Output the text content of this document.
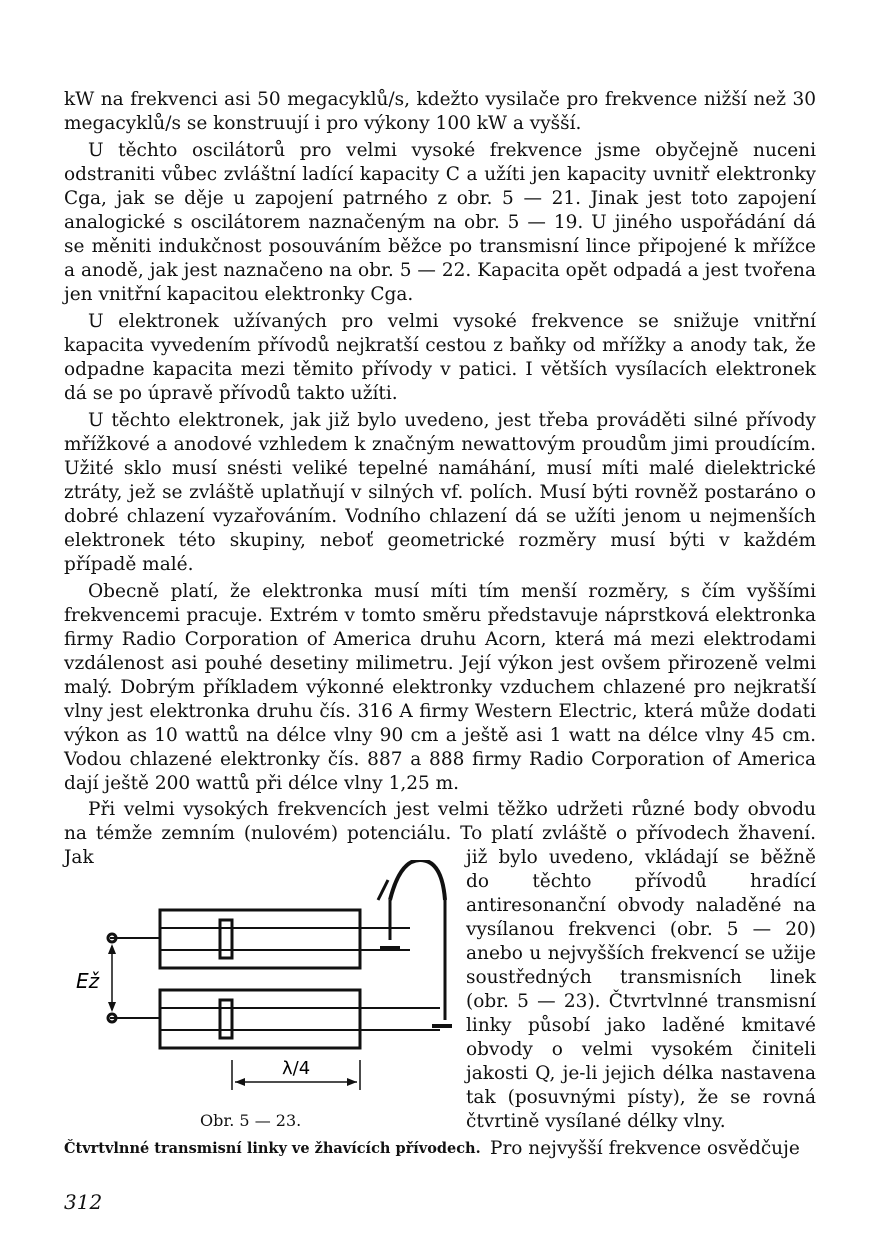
kW na frekvenci asi 50 megacyklů/s, kdežto vysilače pro frekvence nižší než 30 megacyklů/s se konstruují i pro výkony 100 kW a vyšší.

U těchto oscilátorů pro velmi vysoké frekvence jsme obyčejně nuceni odstraniti vůbec zvláštní ladící kapacity C a užíti jen kapacity uvnitř elektronky Cga, jak se děje u zapojení patrného z obr. 5 — 21. Jinak jest toto zapojení analogické s oscilátorem naznačeným na obr. 5 — 19. U jiného uspořádání dá se měniti indukčnost posouváním běžce po transmisní lince připojené k mřížce a anodě, jak jest naznačeno na obr. 5 — 22. Kapacita opět odpadá a jest tvořena jen vnitřní kapacitou elektronky Cga.

U elektronek užívaných pro velmi vysoké frekvence se snižuje vnitřní kapacita vyvedením přívodů nejkratší cestou z baňky od mřížky a anody tak, že odpadne kapacita mezi těmito přívody v patici. I větších vysílacích elektronek dá se po úpravě přívodů takto užíti.

U těchto elektronek, jak již bylo uvedeno, jest třeba prováděti silné přívody mřížkové a anodové vzhledem k značným newattovým proudům jimi proudícím. Užité sklo musí snésti veliké tepelné namáhání, musí míti malé dielektrické ztráty, jež se zvláště uplatňují v silných vf. polích. Musí býti rovněž postaráno o dobré chlazení vyzařováním. Vodního chlazení dá se užíti jenom u nejmenších elektronek této skupiny, neboť geometrické rozměry musí býti v každém případě malé.

Obecně platí, že elektronka musí míti tím menší rozměry, s čím vyššími frekvencemi pracuje. Extrém v tomto směru představuje náprstková elektronka firmy Radio Corporation of America druhu Acorn, která má mezi elektrodami vzdálenost asi pouhé desetiny milimetru. Její výkon jest ovšem přirozeně velmi malý. Dobrým příkladem výkonné elektronky vzduchem chlazené pro nejkratší vlny jest elektronka druhu čís. 316 A firmy Western Electric, která může dodati výkon as 10 wattů na délce vlny 90 cm a ještě asi 1 watt na délce vlny 45 cm. Vodou chlazené elektronky čís. 887 a 888 firmy Radio Corporation of America dají ještě 200 wattů při délce vlny 1,25 m.

Při velmi vysokých frekvencích jest velmi těžko udržeti různé body obvodu na témže zemním (nulovém) potenciálu. To platí zvláště o přívodech žhavení. Jak	již bylo uvedeno, vkládají se běžně do těchto přívodů hradící antiresonanční obvody naladěné na vysílanou frekvenci (obr. 5 — 20) anebo u nejvyšších frekvencí se užije soustředných transmisních linek (obr. 5 — 23). Čtvrtvlnné transmisní linky působí jako laděné kmitavé obvody o velmi vysokém činiteli jakosti Q, je-li jejich délka nastavena tak (posuvnými písty), že se rovná čtvrtině vysílané délky vlny.

Ež
λ/4
Obr. 5 — 23.
Čtvrtvlnné transmisní linky ve žhavících přívodech. Pro nejvyšší frekvence osvědčuje
312
